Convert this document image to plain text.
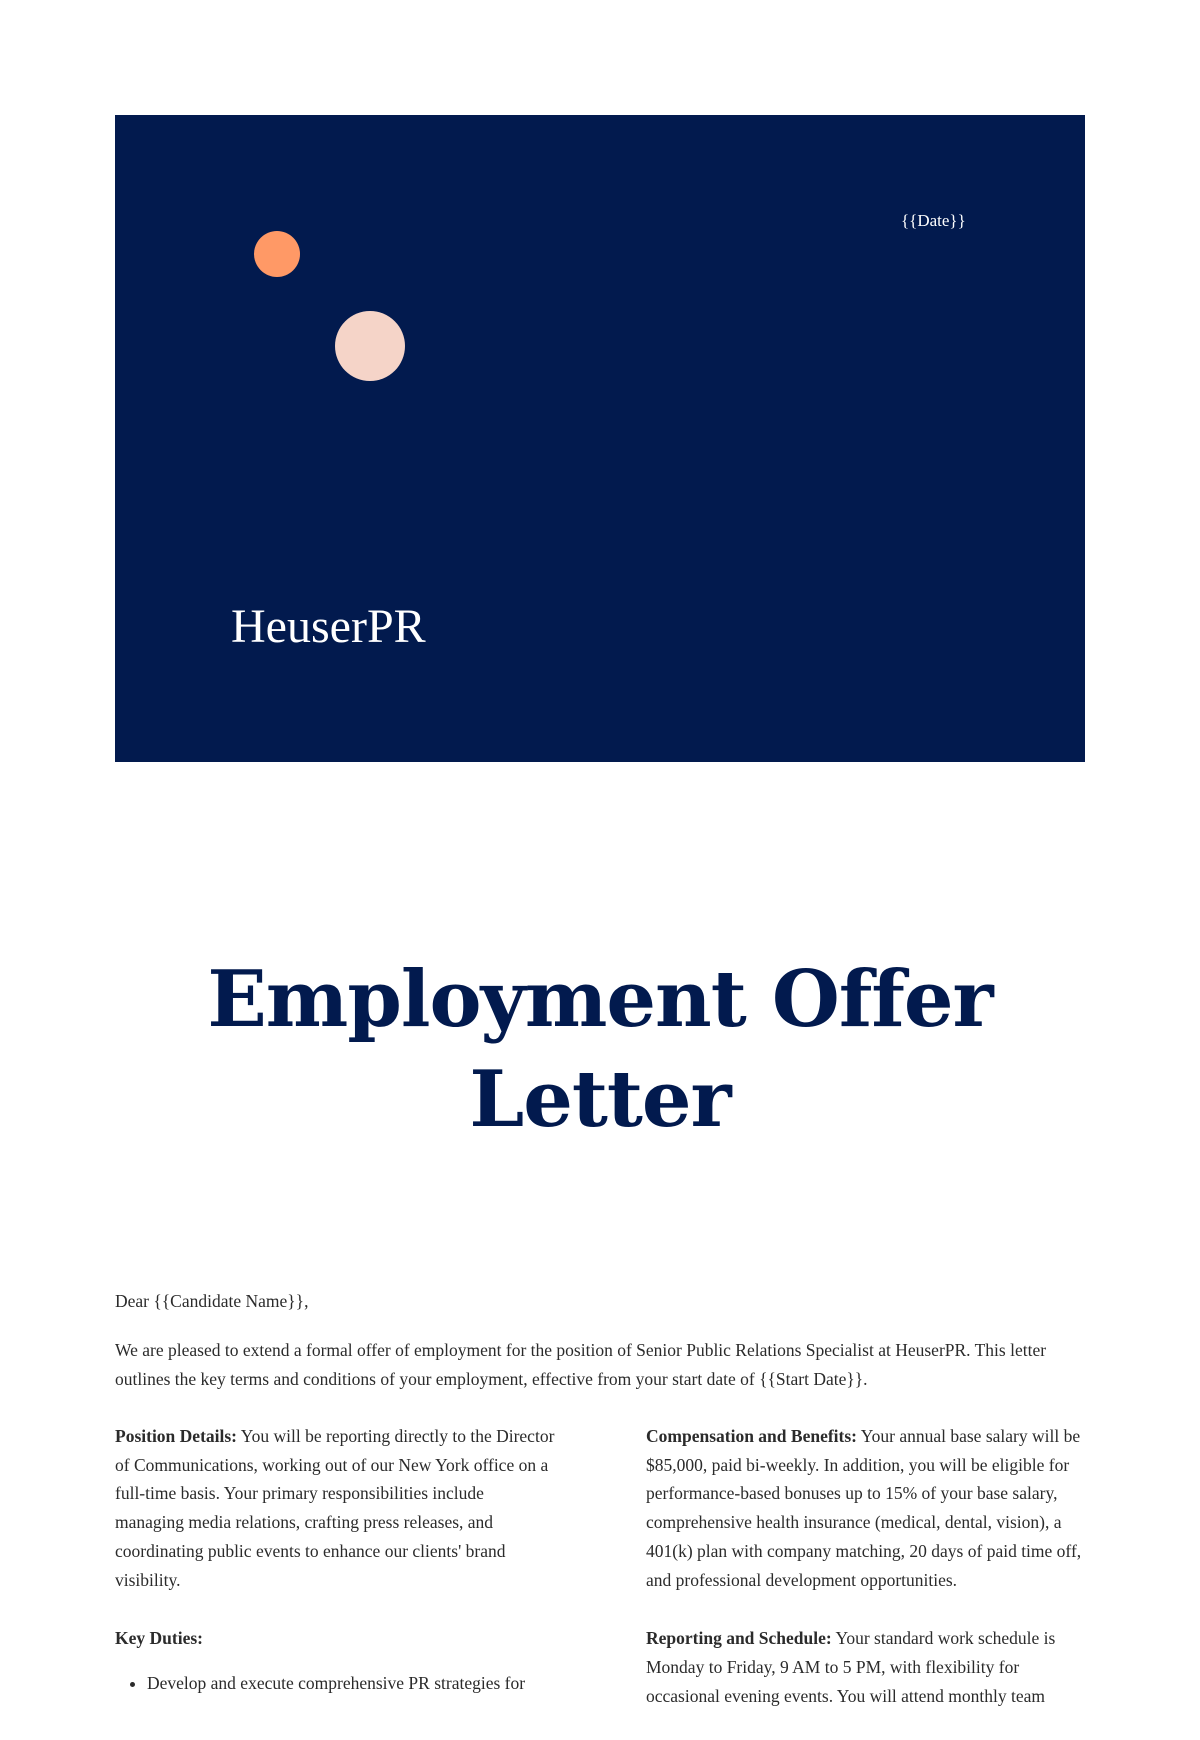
{{Date}}
HeuserPR
Employment Offer Letter
Dear {{Candidate Name}},

We are pleased to extend a formal offer of employment for the position of Senior Public Relations Specialist at HeuserPR. This letter outlines the key terms and conditions of your employment, effective from your start date of {{Start Date}}.

Position Details: You will be reporting directly to the Director of Communications, working out of our New York office on a full-time basis. Your primary responsibilities include managing media relations, crafting press releases, and coordinating public events to enhance our clients' brand visibility.

Key Duties:
• Develop and execute comprehensive PR strategies for

Compensation and Benefits: Your annual base salary will be $85,000, paid bi-weekly. In addition, you will be eligible for performance-based bonuses up to 15% of your base salary, comprehensive health insurance (medical, dental, vision), a 401(k) plan with company matching, 20 days of paid time off, and professional development opportunities.

Reporting and Schedule: Your standard work schedule is Monday to Friday, 9 AM to 5 PM, with flexibility for occasional evening events. You will attend monthly team
